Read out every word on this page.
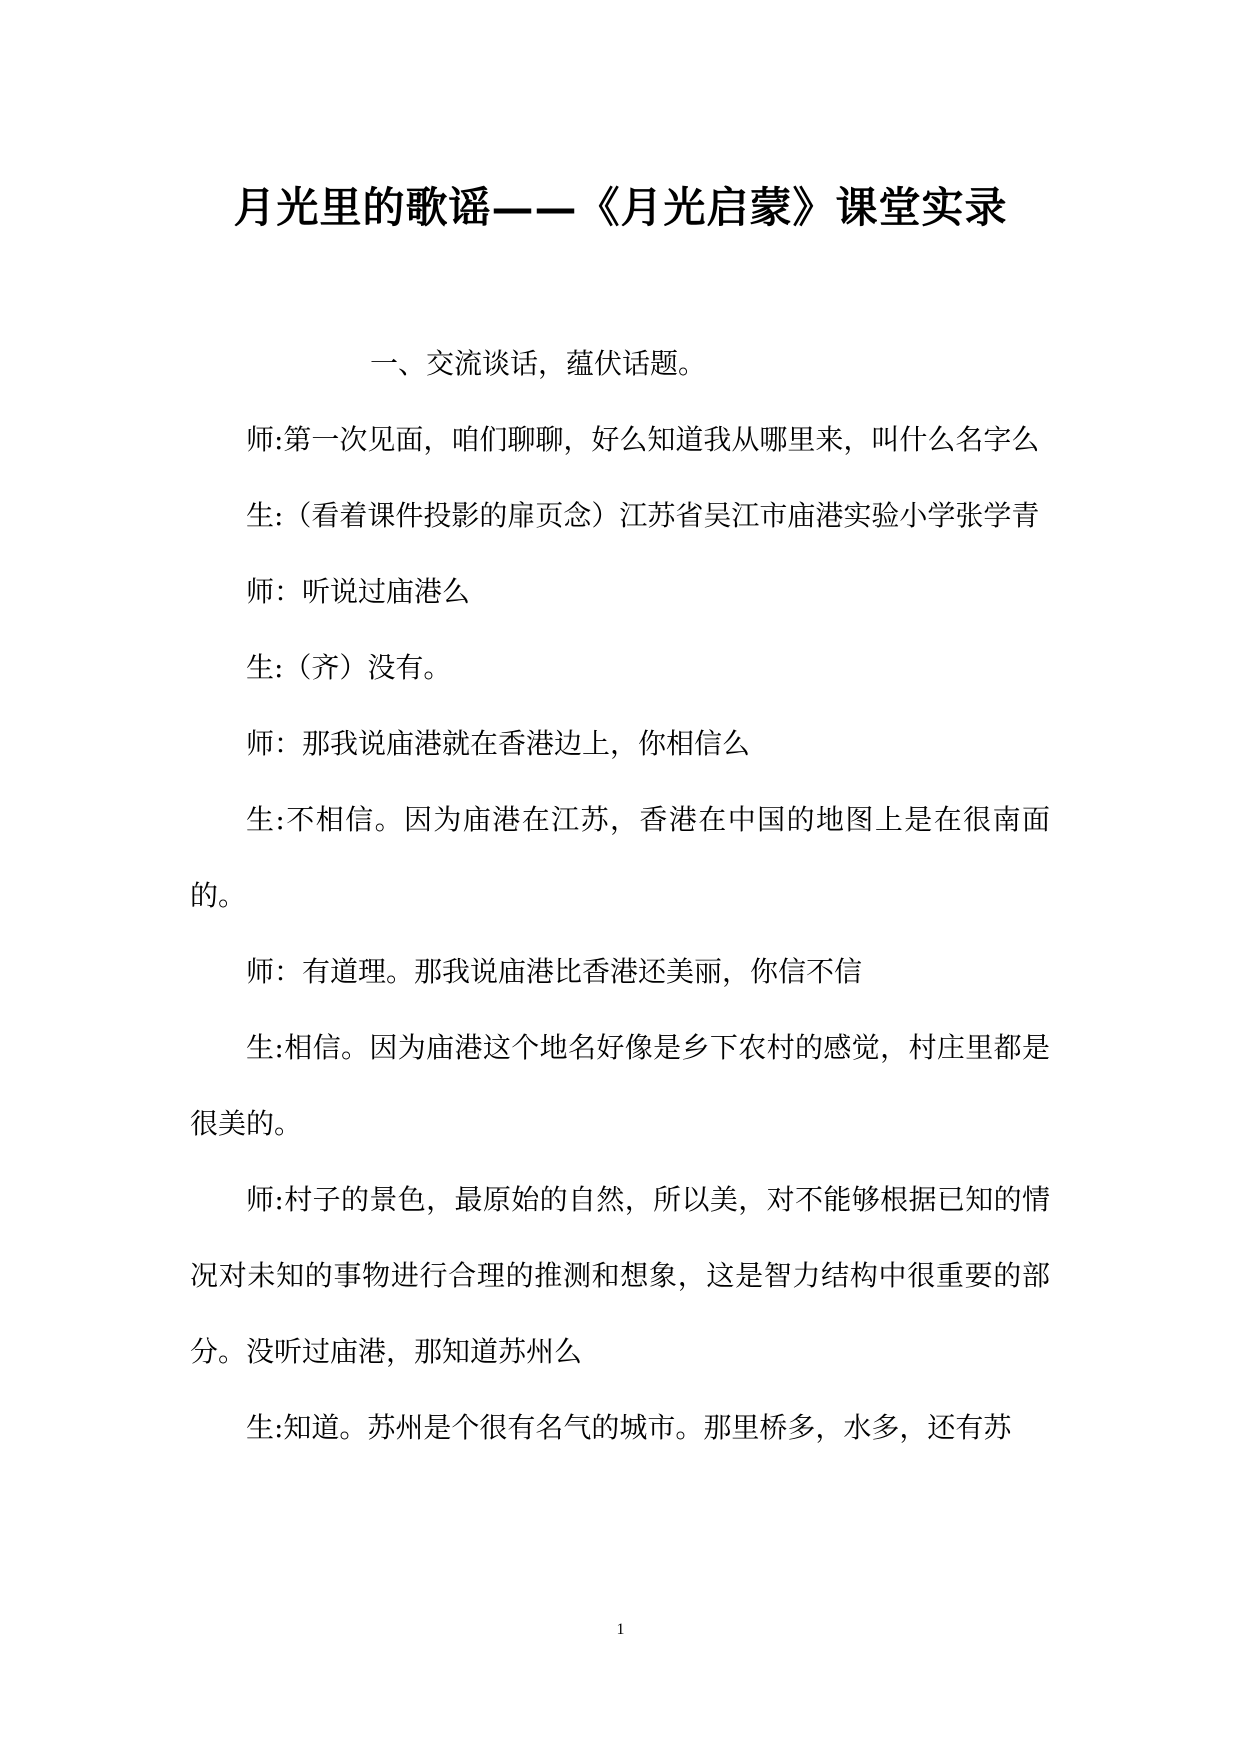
月光里的歌谣——《月光启蒙》课堂实录

一、交流谈话，蕴伏话题。

师:第一次见面，咱们聊聊，好么知道我从哪里来，叫什么名字么

生:（看着课件投影的扉页念）江苏省吴江市庙港实验小学张学青

师：听说过庙港么

生:（齐）没有。

师：那我说庙港就在香港边上，你相信么

生:不相信。因为庙港在江苏，香港在中国的地图上是在很南面的。

师：有道理。那我说庙港比香港还美丽，你信不信

生:相信。因为庙港这个地名好像是乡下农村的感觉，村庄里都是很美的。

师:村子的景色，最原始的自然，所以美，对不能够根据已知的情况对未知的事物进行合理的推测和想象，这是智力结构中很重要的部分。没听过庙港，那知道苏州么

生:知道。苏州是个很有名气的城市。那里桥多，水多，还有苏

1
